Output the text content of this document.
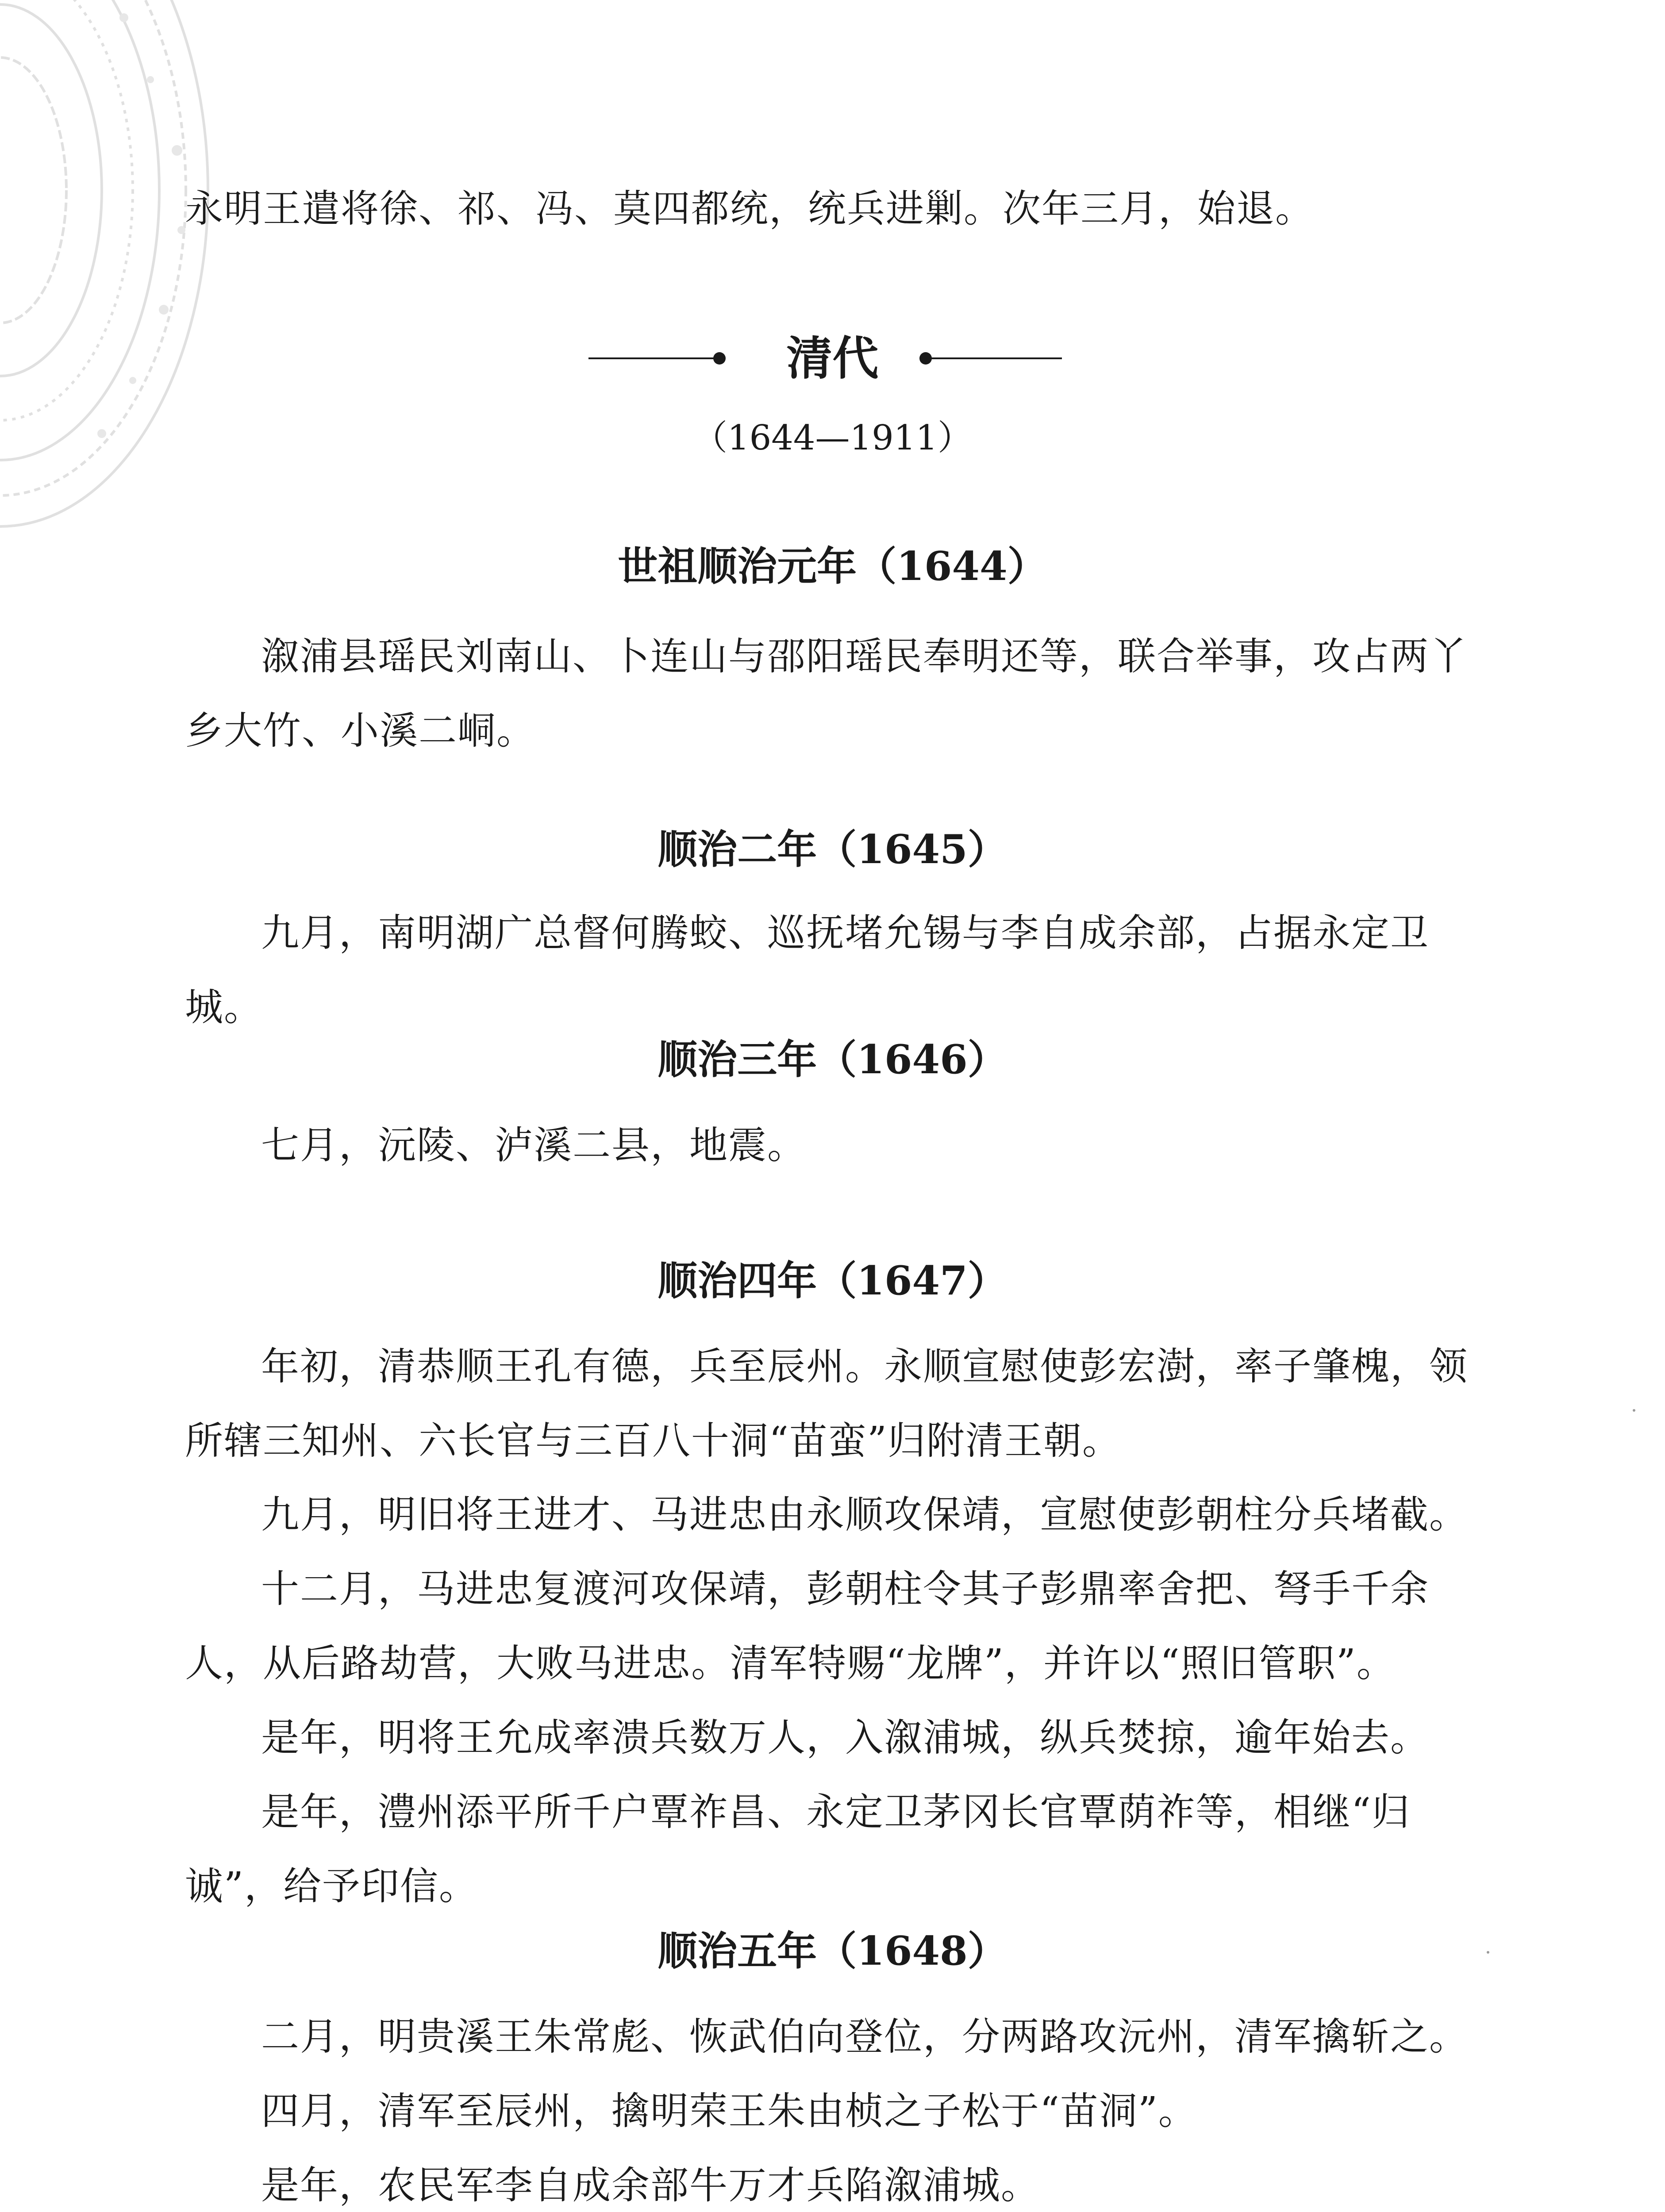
永明王遣将徐、祁、冯、莫四都统，统兵进剿。次年三月，始退。

清代
（1644—1911）
世祖顺治元年（1644）

溆浦县瑶民刘南山、卜连山与邵阳瑶民奉明还等，联合举事，攻占两丫乡大竹、小溪二峒。

顺治二年（1645）

九月，南明湖广总督何腾蛟、巡抚堵允锡与李自成余部，占据永定卫城。

顺治三年（1646）

七月，沅陵、泸溪二县，地震。

顺治四年（1647）

年初，清恭顺王孔有德，兵至辰州。永顺宣慰使彭宏澍，率子肇槐，领所辖三知州、六长官与三百八十洞“苗蛮”归附清王朝。

九月，明旧将王进才、马进忠由永顺攻保靖，宣慰使彭朝柱分兵堵截。

十二月，马进忠复渡河攻保靖，彭朝柱令其子彭鼎率舍把、弩手千余人，从后路劫营，大败马进忠。清军特赐“龙牌”，并许以“照旧管职”。

是年，明将王允成率溃兵数万人，入溆浦城，纵兵焚掠，逾年始去。

是年，澧州添平所千户覃祚昌、永定卫茅冈长官覃荫祚等，相继“归诚”，给予印信。

顺治五年（1648）

二月，明贵溪王朱常彪、恢武伯向登位，分两路攻沅州，清军擒斩之。

四月，清军至辰州，擒明荣王朱由桢之子松于“苗洞”。

是年，农民军李自成余部牛万才兵陷溆浦城。
